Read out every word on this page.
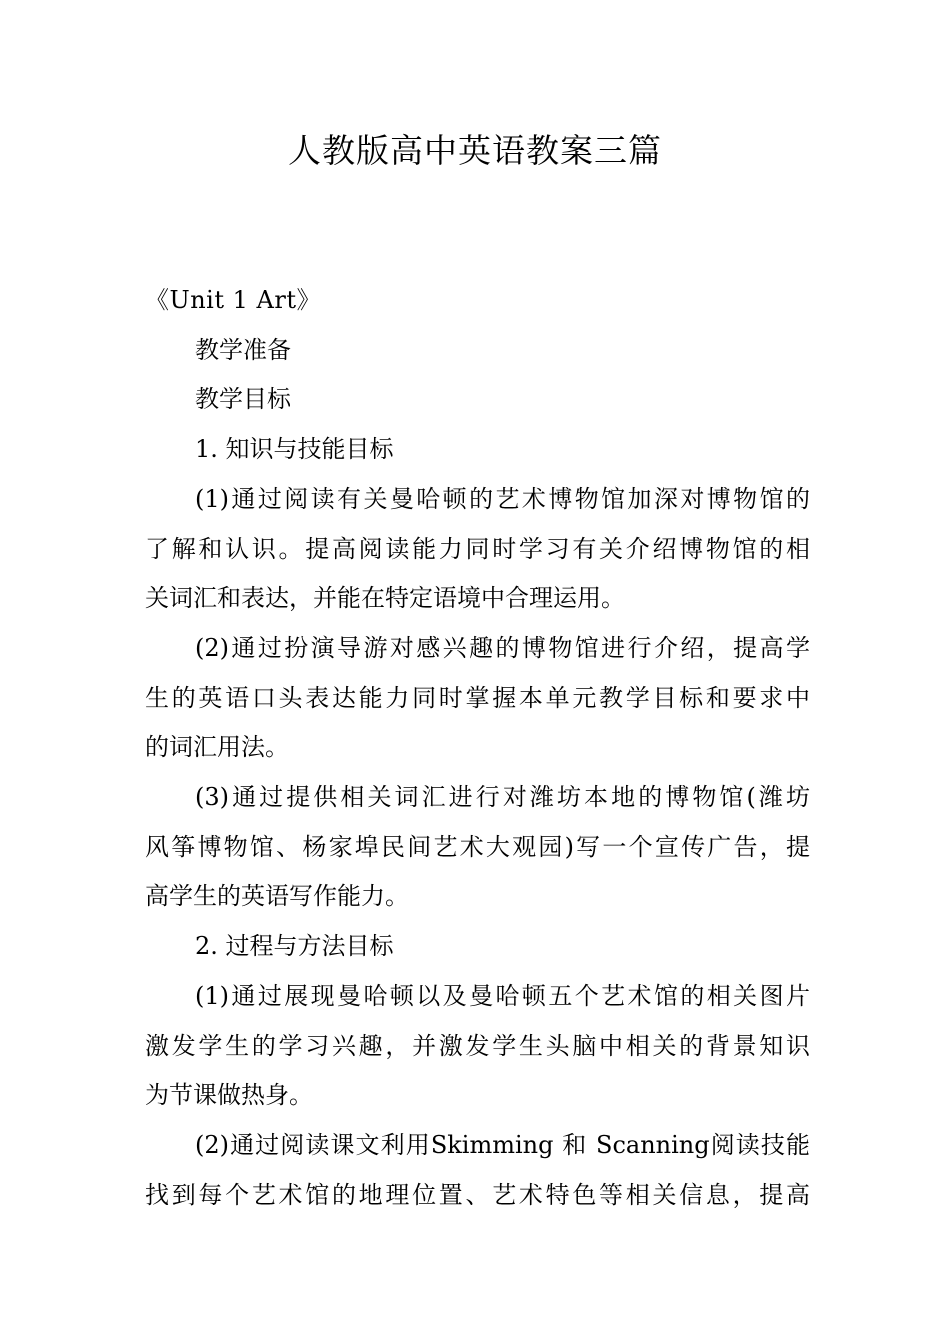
人教版高中英语教案三篇

《Unit 1 Art》

教学准备

教学目标

1. 知识与技能目标

(1)通过阅读有关曼哈顿的艺术博物馆加深对博物馆的

了解和认识。提高阅读能力同时学习有关介绍博物馆的相

关词汇和表达，并能在特定语境中合理运用。

(2)通过扮演导游对感兴趣的博物馆进行介绍，提高学

生的英语口头表达能力同时掌握本单元教学目标和要求中

的词汇用法。

(3)通过提供相关词汇进行对潍坊本地的博物馆(潍坊

风筝博物馆、杨家埠民间艺术大观园)写一个宣传广告，提

高学生的英语写作能力。

2. 过程与方法目标

(1)通过展现曼哈顿以及曼哈顿五个艺术馆的相关图片

激发学生的学习兴趣，并激发学生头脑中相关的背景知识

为节课做热身。

(2)通过阅读课文利用Skimming 和 Scanning阅读技能

找到每个艺术馆的地理位置、艺术特色等相关信息，提高
